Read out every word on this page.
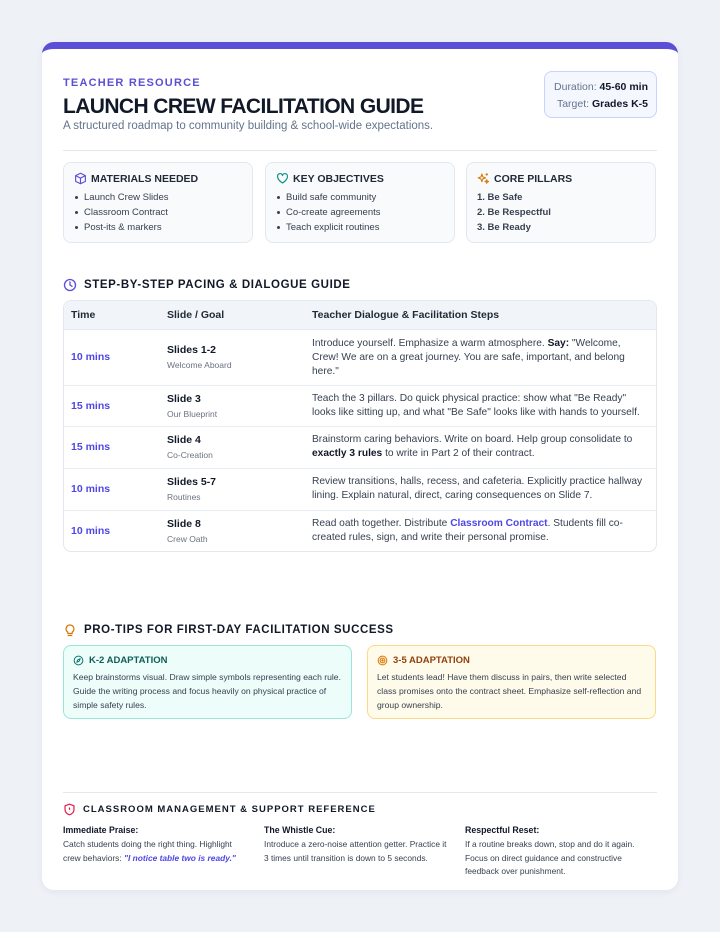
TEACHER RESOURCE
LAUNCH CREW FACILITATION GUIDE
A structured roadmap to community building & school-wide expectations.
Duration: 45-60 min
Target: Grades K-5
MATERIALS NEEDED
Launch Crew Slides
Classroom Contract
Post-its & markers
KEY OBJECTIVES
Build safe community
Co-create agreements
Teach explicit routines
CORE PILLARS
1. Be Safe
2. Be Respectful
3. Be Ready
STEP-BY-STEP PACING & DIALOGUE GUIDE
Time	Slide / Goal	Teacher Dialogue & Facilitation Steps
10 mins
Slides 1-2
Welcome Aboard
Introduce yourself. Emphasize a warm atmosphere. Say: "Welcome, Crew! We are on a great journey. You are safe, important, and belong here."
15 mins
Slide 3
Our Blueprint
Teach the 3 pillars. Do quick physical practice: show what "Be Ready" looks like sitting up, and what "Be Safe" looks like with hands to yourself.
15 mins
Slide 4
Co-Creation
Brainstorm caring behaviors. Write on board. Help group consolidate to exactly 3 rules to write in Part 2 of their contract.
10 mins
Slides 5-7
Routines
Review transitions, halls, recess, and cafeteria. Explicitly practice hallway lining. Explain natural, direct, caring consequences on Slide 7.
10 mins
Slide 8
Crew Oath
Read oath together. Distribute Classroom Contract. Students fill co-created rules, sign, and write their personal promise.
PRO-TIPS FOR FIRST-DAY FACILITATION SUCCESS
K-2 ADAPTATION
Keep brainstorms visual. Draw simple symbols representing each rule. Guide the writing process and focus heavily on physical practice of simple safety rules.
3-5 ADAPTATION
Let students lead! Have them discuss in pairs, then write selected class promises onto the contract sheet. Emphasize self-reflection and group ownership.
CLASSROOM MANAGEMENT & SUPPORT REFERENCE
Immediate Praise:
Catch students doing the right thing. Highlight crew behaviors: "I notice table two is ready."
The Whistle Cue:
Introduce a zero-noise attention getter. Practice it 3 times until transition is down to 5 seconds.
Respectful Reset:
If a routine breaks down, stop and do it again. Focus on direct guidance and constructive feedback over punishment.
